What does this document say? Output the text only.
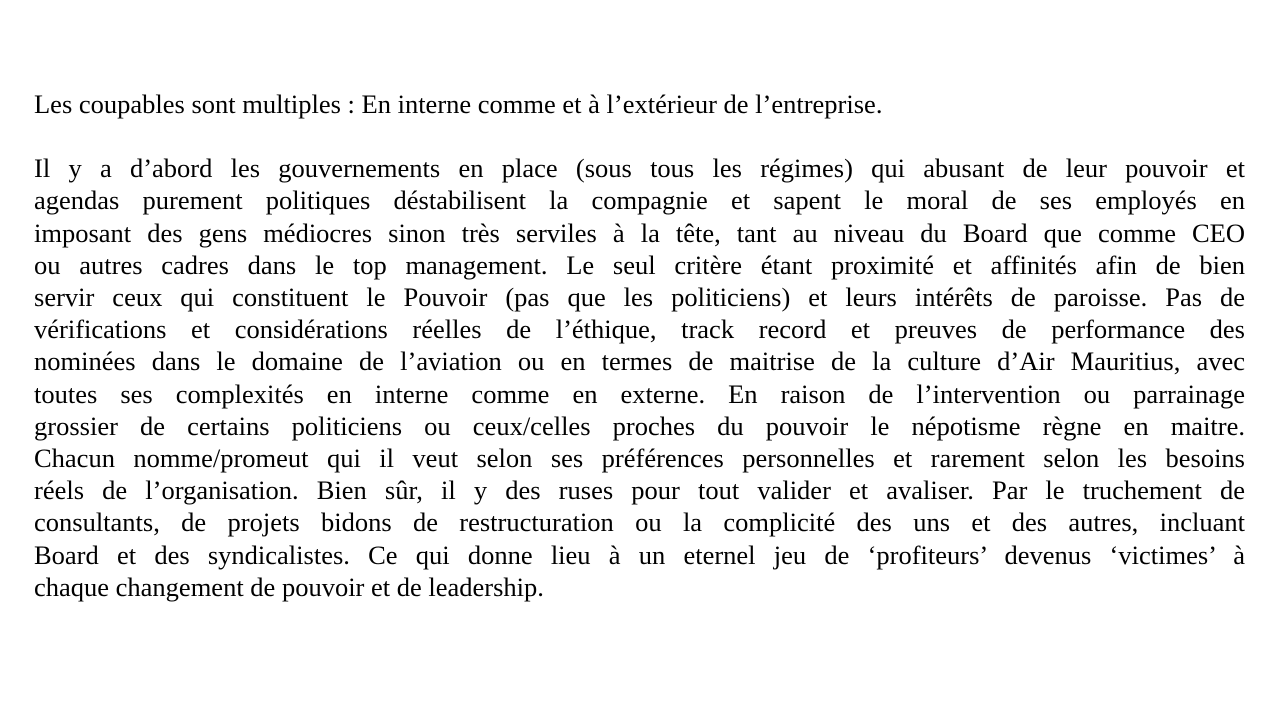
Les coupables sont multiples : En interne comme et à l’extérieur de l’entreprise.

Il y a d’abord les gouvernements en place (sous tous les régimes) qui abusant de leur pouvoir et
agendas purement politiques déstabilisent la compagnie et sapent le moral de ses employés en
imposant des gens médiocres sinon très serviles à la tête, tant au niveau du Board que comme CEO
ou autres cadres dans le top management. Le seul critère étant proximité et affinités afin de bien
servir ceux qui constituent le Pouvoir (pas que les politiciens) et leurs intérêts de paroisse. Pas de
vérifications et considérations réelles de l’éthique, track record et preuves de performance des
nominées dans le domaine de l’aviation ou en termes de maitrise de la culture d’Air Mauritius, avec
toutes ses complexités en interne comme en externe. En raison de l’intervention ou parrainage
grossier de certains politiciens ou ceux/celles proches du pouvoir le népotisme règne en maitre.
Chacun nomme/promeut qui il veut selon ses préférences personnelles et rarement selon les besoins
réels de l’organisation. Bien sûr, il y des ruses pour tout valider et avaliser. Par le truchement de
consultants, de projets bidons de restructuration ou la complicité des uns et des autres, incluant
Board et des syndicalistes. Ce qui donne lieu à un eternel jeu de ‘profiteurs’ devenus ‘victimes’ à
chaque changement de pouvoir et de leadership.
